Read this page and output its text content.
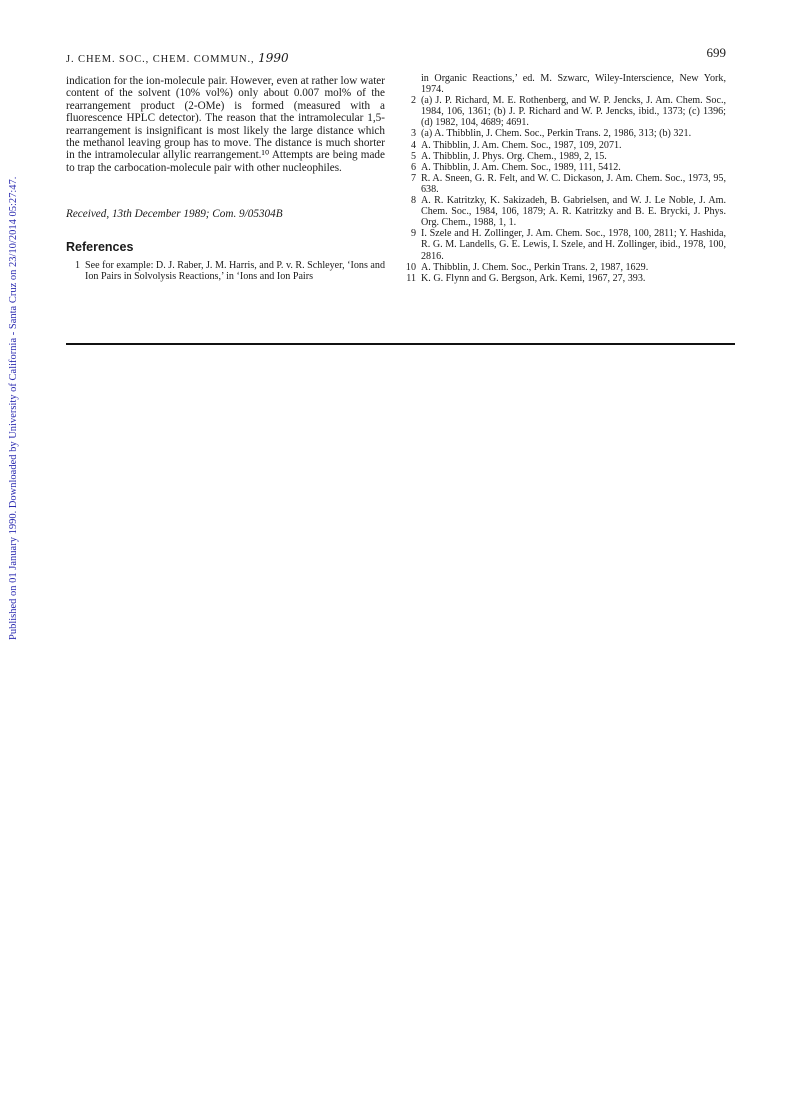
Published on 01 January 1990. Downloaded by University of California - Santa Cruz on 23/10/2014 05:27:47.
J. CHEM. SOC., CHEM. COMMUN., 1990	699

indication for the ion-molecule pair. However, even at rather low water content of the solvent (10% vol%) only about 0.007 mol% of the rearrangement product (2-OMe) is formed (measured with a fluorescence HPLC detector). The reason that the intramolecular 1,5-rearrangement is insignificant is most likely the large distance which the methanol leaving group has to move. The distance is much shorter in the intramolecular allylic rearrangement.¹⁰ Attempts are being made to trap the carbocation-molecule pair with other nucleophiles.

Received, 13th December 1989; Com. 9/05304B

References
1 See for example: D. J. Raber, J. M. Harris, and P. v. R. Schleyer, ‘Ions and Ion Pairs in Solvolysis Reactions,’ in ‘Ions and Ion Pairs
in Organic Reactions,’ ed. M. Szwarc, Wiley-Interscience, New York, 1974.
2 (a) J. P. Richard, M. E. Rothenberg, and W. P. Jencks, J. Am. Chem. Soc., 1984, 106, 1361; (b) J. P. Richard and W. P. Jencks, ibid., 1373; (c) 1396; (d) 1982, 104, 4689; 4691.
3 (a) A. Thibblin, J. Chem. Soc., Perkin Trans. 2, 1986, 313; (b) 321.
4 A. Thibblin, J. Am. Chem. Soc., 1987, 109, 2071.
5 A. Thibblin, J. Phys. Org. Chem., 1989, 2, 15.
6 A. Thibblin, J. Am. Chem. Soc., 1989, 111, 5412.
7 R. A. Sneen, G. R. Felt, and W. C. Dickason, J. Am. Chem. Soc., 1973, 95, 638.
8 A. R. Katritzky, K. Sakizadeh, B. Gabrielsen, and W. J. Le Noble, J. Am. Chem. Soc., 1984, 106, 1879; A. R. Katritzky and B. E. Brycki, J. Phys. Org. Chem., 1988, 1, 1.
9 I. Szele and H. Zollinger, J. Am. Chem. Soc., 1978, 100, 2811; Y. Hashida, R. G. M. Landells, G. E. Lewis, I. Szele, and H. Zollinger, ibid., 1978, 100, 2816.
10 A. Thibblin, J. Chem. Soc., Perkin Trans. 2, 1987, 1629.
11 K. G. Flynn and G. Bergson, Ark. Kemi, 1967, 27, 393.
